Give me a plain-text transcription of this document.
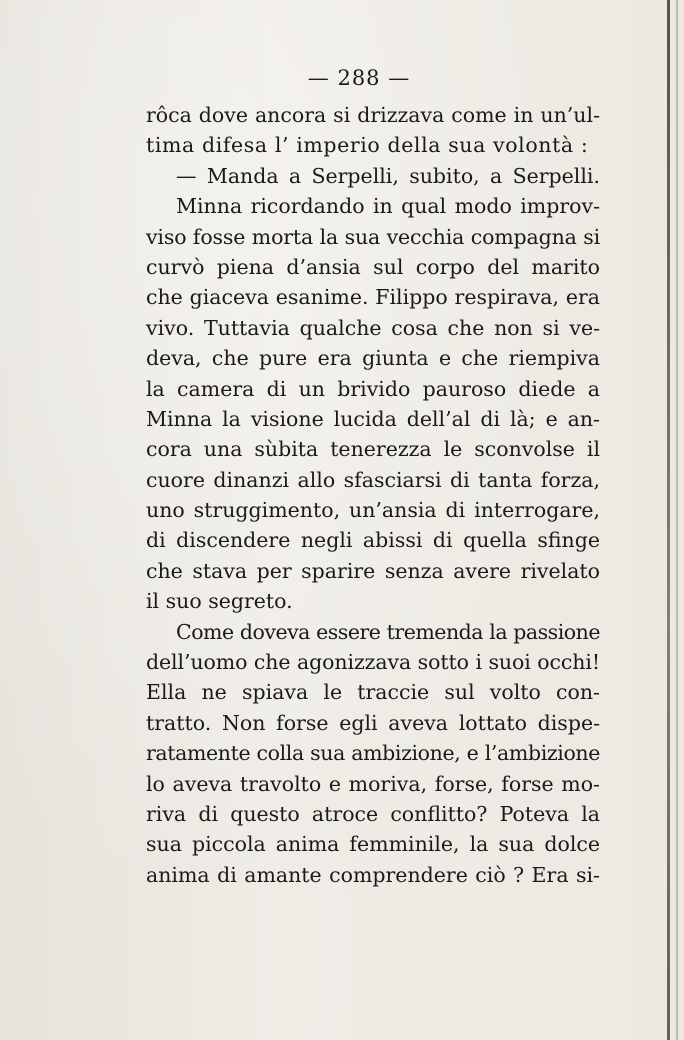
— 288 —
rôca dove ancora si drizzava come in un’ul-
tima difesa l’ imperio della sua volontà :
— Manda a Serpelli, subito, a Serpelli.
Minna ricordando in qual modo improv-
viso fosse morta la sua vecchia compagna si
curvò piena d’ansia sul corpo del marito
che giaceva esanime. Filippo respirava, era
vivo. Tuttavia qualche cosa che non si ve-
deva, che pure era giunta e che riempiva
la camera di un brivido pauroso diede a
Minna la visione lucida dell’al di là; e an-
cora una sùbita tenerezza le sconvolse il
cuore dinanzi allo sfasciarsi di tanta forza,
uno struggimento, un’ansia di interrogare,
di discendere negli abissi di quella sfinge
che stava per sparire senza avere rivelato
il suo segreto.
Come doveva essere tremenda la passione
dell’uomo che agonizzava sotto i suoi occhi!
Ella ne spiava le traccie sul volto con-
tratto. Non forse egli aveva lottato dispe-
ratamente colla sua ambizione, e l’ambizione
lo aveva travolto e moriva, forse, forse mo-
riva di questo atroce conflitto? Poteva la
sua piccola anima femminile, la sua dolce
anima di amante comprendere ciò ? Era si-
